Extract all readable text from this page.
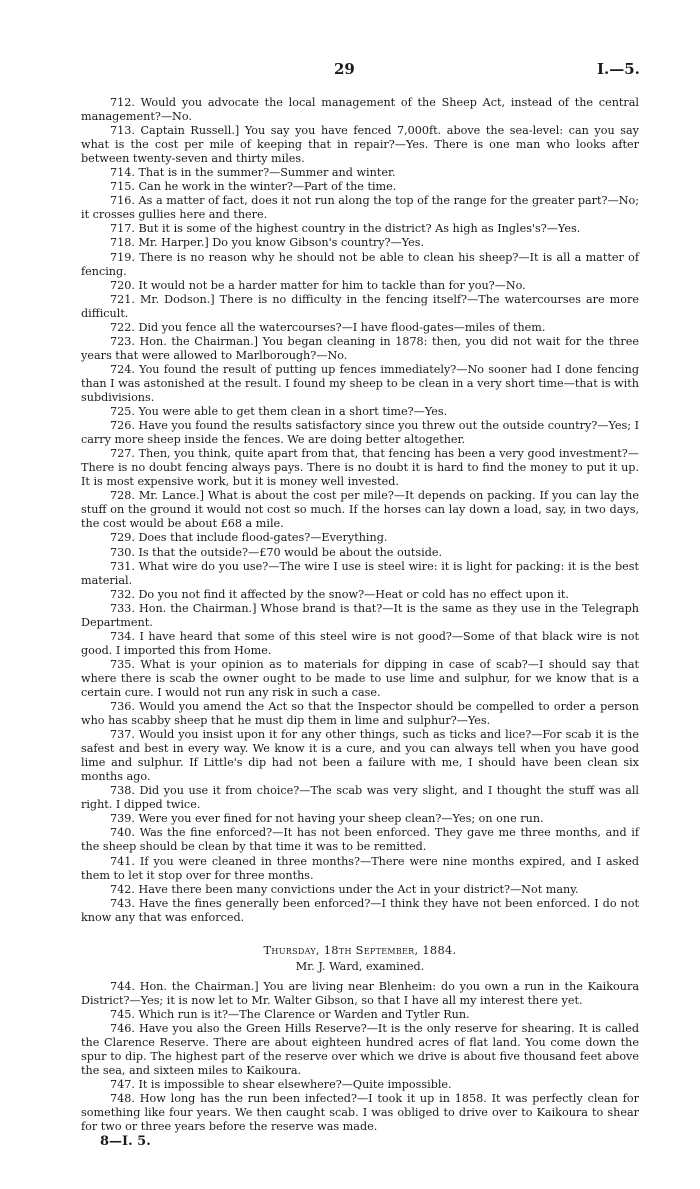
29	I.—5.

712. Would you advocate the local management of the Sheep Act, instead of the central management?—No.

713. Captain Russell.] You say you have fenced 7,000ft. above the sea-level: can you say what is the cost per mile of keeping that in repair?—Yes. There is one man who looks after between twenty-seven and thirty miles.

714. That is in the summer?—Summer and winter.

715. Can he work in the winter?—Part of the time.

716. As a matter of fact, does it not run along the top of the range for the greater part?—No; it crosses gullies here and there.

717. But it is some of the highest country in the district? As high as Ingles's?—Yes.

718. Mr. Harper.] Do you know Gibson's country?—Yes.

719. There is no reason why he should not be able to clean his sheep?—It is all a matter of fencing.

720. It would not be a harder matter for him to tackle than for you?—No.

721. Mr. Dodson.] There is no difficulty in the fencing itself?—The watercourses are more difficult.

722. Did you fence all the watercourses?—I have flood-gates—miles of them.

723. Hon. the Chairman.] You began cleaning in 1878: then, you did not wait for the three years that were allowed to Marlborough?—No.

724. You found the result of putting up fences immediately?—No sooner had I done fencing than I was astonished at the result. I found my sheep to be clean in a very short time—that is with subdivisions.

725. You were able to get them clean in a short time?—Yes.

726. Have you found the results satisfactory since you threw out the outside country?—Yes; I carry more sheep inside the fences. We are doing better altogether.

727. Then, you think, quite apart from that, that fencing has been a very good investment?—There is no doubt fencing always pays. There is no doubt it is hard to find the money to put it up. It is most expensive work, but it is money well invested.

728. Mr. Lance.] What is about the cost per mile?—It depends on packing. If you can lay the stuff on the ground it would not cost so much. If the horses can lay down a load, say, in two days, the cost would be about £68 a mile.

729. Does that include flood-gates?—Everything.

730. Is that the outside?—£70 would be about the outside.

731. What wire do you use?—The wire I use is steel wire: it is light for packing: it is the best material.

732. Do you not find it affected by the snow?—Heat or cold has no effect upon it.

733. Hon. the Chairman.] Whose brand is that?—It is the same as they use in the Telegraph Department.

734. I have heard that some of this steel wire is not good?—Some of that black wire is not good. I imported this from Home.

735. What is your opinion as to materials for dipping in case of scab?—I should say that where there is scab the owner ought to be made to use lime and sulphur, for we know that is a certain cure. I would not run any risk in such a case.

736. Would you amend the Act so that the Inspector should be compelled to order a person who has scabby sheep that he must dip them in lime and sulphur?—Yes.

737. Would you insist upon it for any other things, such as ticks and lice?—For scab it is the safest and best in every way. We know it is a cure, and you can always tell when you have good lime and sulphur. If Little's dip had not been a failure with me, I should have been clean six months ago.

738. Did you use it from choice?—The scab was very slight, and I thought the stuff was all right. I dipped twice.

739. Were you ever fined for not having your sheep clean?—Yes; on one run.

740. Was the fine enforced?—It has not been enforced. They gave me three months, and if the sheep should be clean by that time it was to be remitted.

741. If you were cleaned in three months?—There were nine months expired, and I asked them to let it stop over for three months.

742. Have there been many convictions under the Act in your district?—Not many.

743. Have the fines generally been enforced?—I think they have not been enforced. I do not know any that was enforced.

Thursday, 18th September, 1884.
Mr. J. Ward, examined.

744. Hon. the Chairman.] You are living near Blenheim: do you own a run in the Kaikoura District?—Yes; it is now let to Mr. Walter Gibson, so that I have all my interest there yet.

745. Which run is it?—The Clarence or Warden and Tytler Run.

746. Have you also the Green Hills Reserve?—It is the only reserve for shearing. It is called the Clarence Reserve. There are about eighteen hundred acres of flat land. You come down the spur to dip. The highest part of the reserve over which we drive is about five thousand feet above the sea, and sixteen miles to Kaikoura.

747. It is impossible to shear elsewhere?—Quite impossible.

748. How long has the run been infected?—I took it up in 1858. It was perfectly clean for something like four years. We then caught scab. I was obliged to drive over to Kaikoura to shear for two or three years before the reserve was made.

8—I. 5.
